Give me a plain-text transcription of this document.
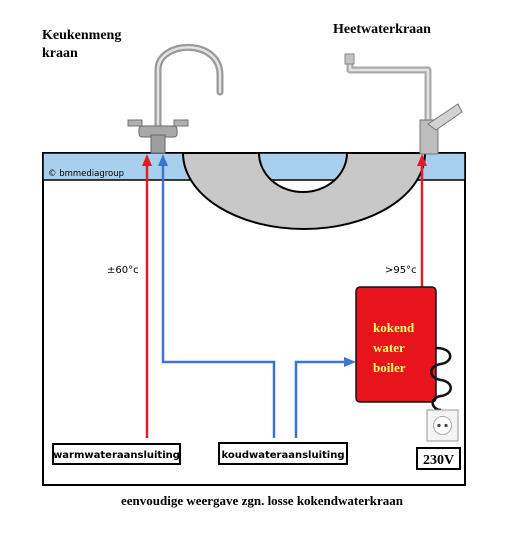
Keukenmeng
kraan
Heetwaterkraan
© bmmediagroup
±60°c	>95°c
kokend
water
boiler
warmwateraansluiting	koudwateraansluiting	230V
eenvoudige weergave zgn. losse kokendwaterkraan
